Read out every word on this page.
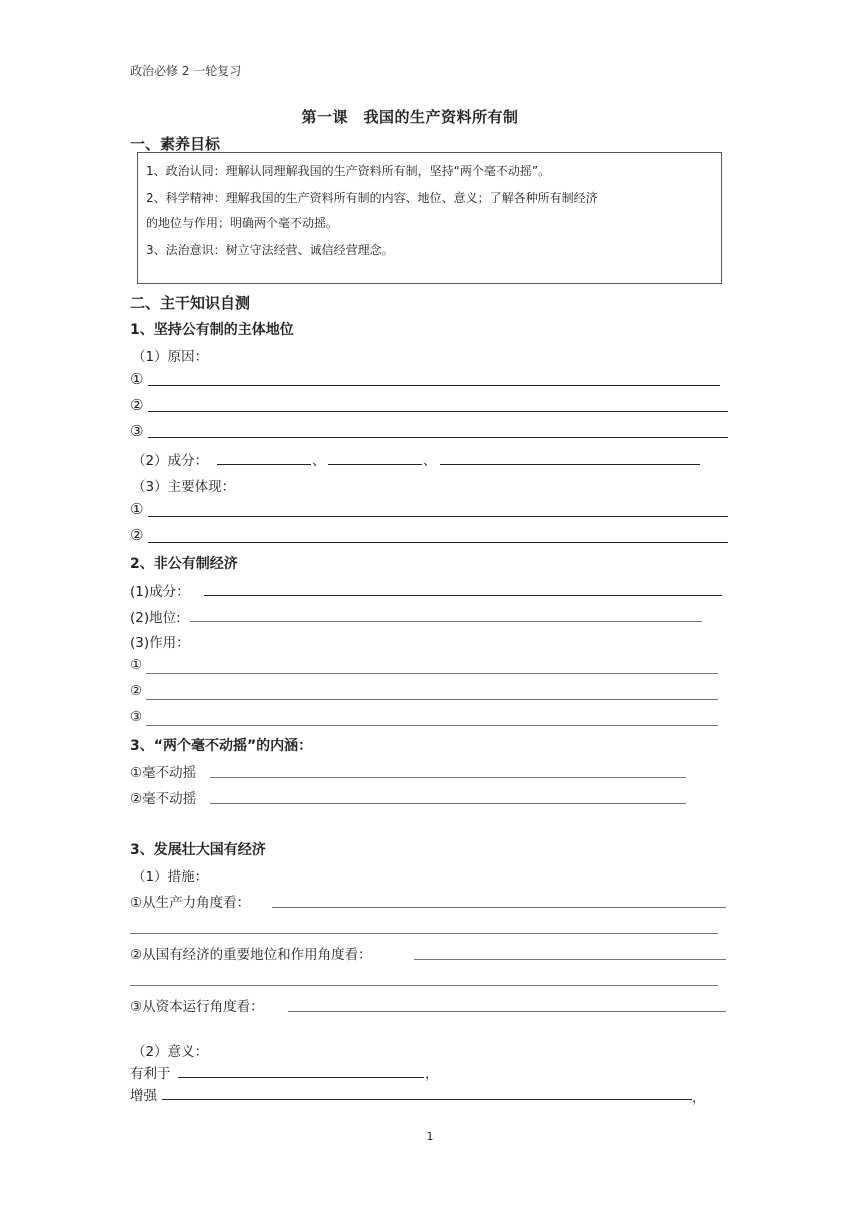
政治必修 2 一轮复习
第一课　我国的生产资料所有制
一、素养目标
1、政治认同：理解认同理解我国的生产资料所有制，坚持“两个毫不动摇”。
2、科学精神：理解我国的生产资料所有制的内容、地位、意义；了解各种所有制经济
的地位与作用；明确两个毫不动摇。
3、法治意识：树立守法经营、诚信经营理念。
二、主干知识自测
1、坚持公有制的主体地位
（1）原因：
①
②
③
（2）成分：	、	、
（3）主要体现：
①
②
2、非公有制经济
(1)成分：
(2)地位:
(3)作用：
①
②
③
3、“两个毫不动摇”的内涵：
①毫不动摇
②毫不动摇
3、发展壮大国有经济
（1）措施：
①从生产力角度看：
②从国有经济的重要地位和作用角度看：
③从资本运行角度看：
（2）意义：
有利于	，
增强	，
1
